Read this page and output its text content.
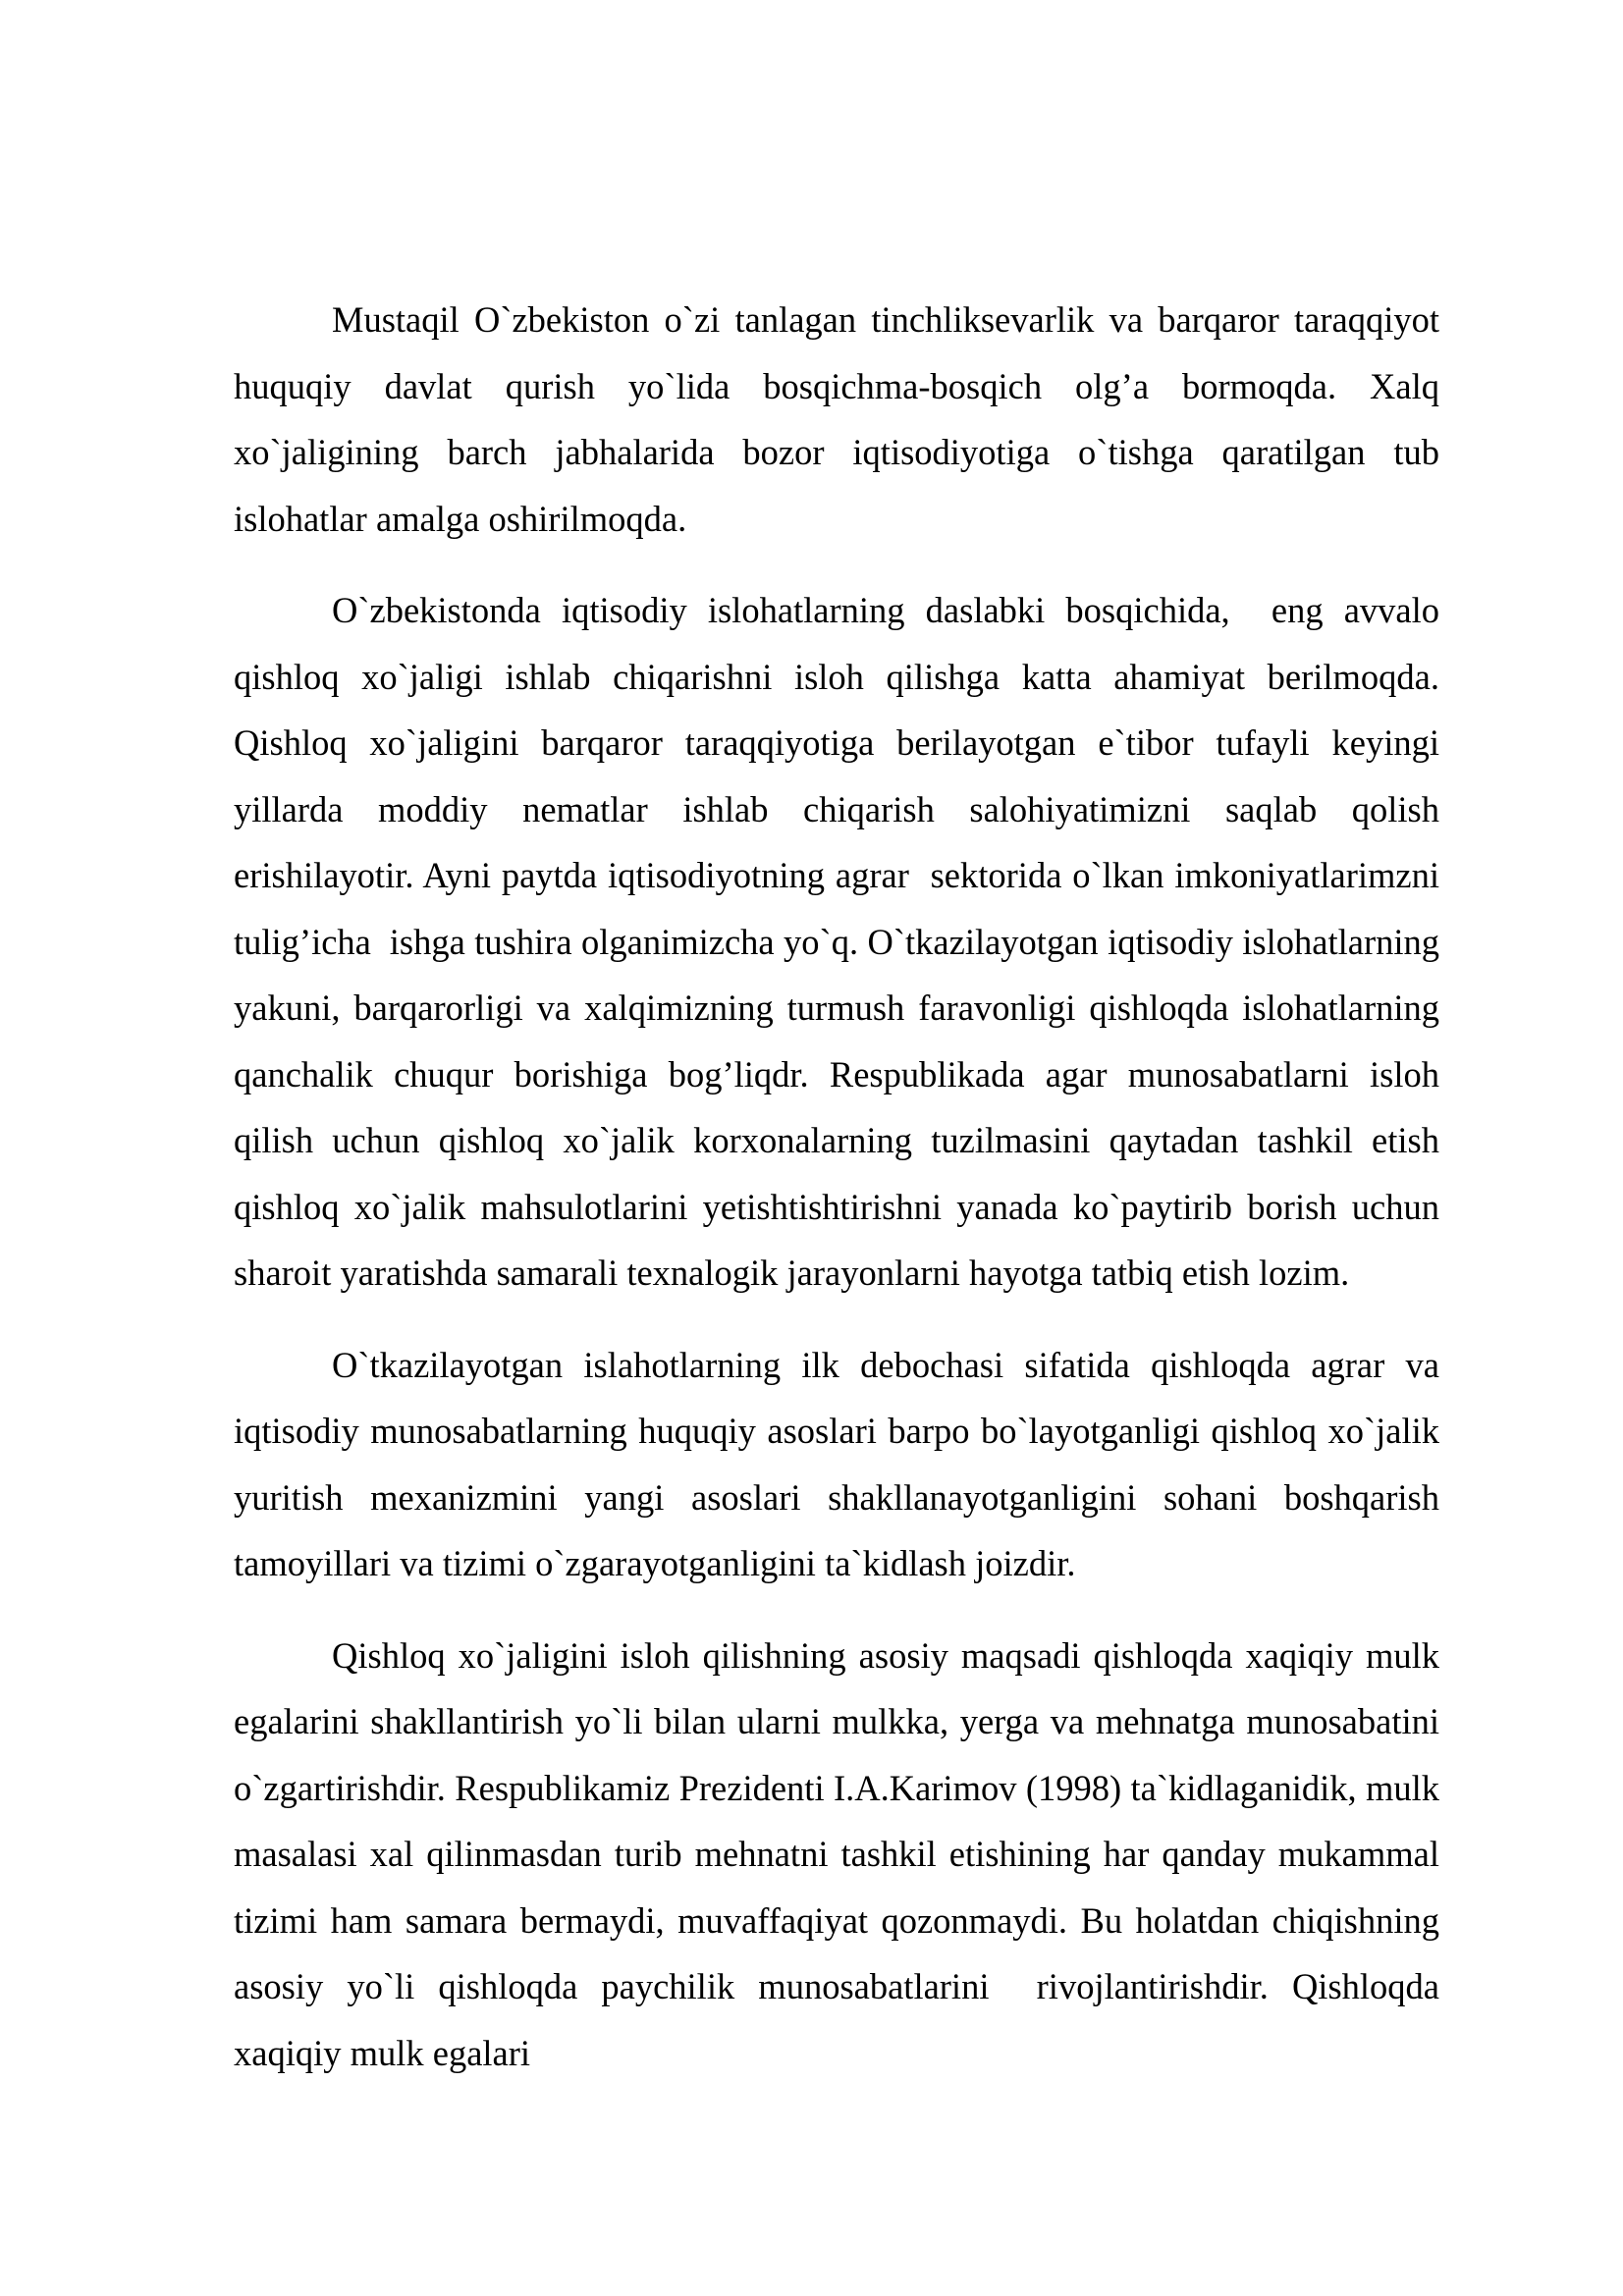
Mustaqil O`zbekiston o`zi tanlagan tinchliksevarlik va barqaror taraqqiyot huquqiy davlat qurish yo`lida bosqichma-bosqich olg’a bormoqda. Xalq xo`jaligining barch jabhalarida bozor iqtisodiyotiga o`tishga qaratilgan tub islohatlar amalga oshirilmoqda.

O`zbekistonda iqtisodiy islohatlarning daslabki bosqichida,  eng avvalo qishloq xo`jaligi ishlab chiqarishni isloh qilishga katta ahamiyat berilmoqda. Qishloq xo`jaligini barqaror taraqqiyotiga berilayotgan e`tibor tufayli keyingi yillarda moddiy nematlar ishlab chiqarish salohiyatimizni saqlab qolish erishilayotir. Ayni paytda iqtisodiyotning agrar  sektorida o`lkan imkoniyatlarimzni tulig’icha  ishga tushira olganimizcha yo`q. O`tkazilayotgan iqtisodiy islohatlarning yakuni, barqarorligi va xalqimizning turmush faravonligi qishloqda islohatlarning qanchalik chuqur borishiga bog’liqdr. Respublikada agar munosabatlarni isloh qilish uchun qishloq xo`jalik korxonalarning tuzilmasini qaytadan tashkil etish qishloq xo`jalik mahsulotlarini yetishtishtirishni yanada ko`paytirib borish uchun sharoit yaratishda samarali texnalogik jarayonlarni hayotga tatbiq etish lozim.

O`tkazilayotgan islahotlarning ilk debochasi sifatida qishloqda agrar va iqtisodiy munosabatlarning huquqiy asoslari barpo bo`layotganligi qishloq xo`jalik yuritish mexanizmini yangi asoslari shakllanayotganligini sohani boshqarish tamoyillari va tizimi o`zgarayotganligini ta`kidlash joizdir.

Qishloq xo`jaligini isloh qilishning asosiy maqsadi qishloqda xaqiqiy mulk egalarini shakllantirish yo`li bilan ularni mulkka, yerga va mehnatga munosabatini o`zgartirishdir. Respublikamiz Prezidenti I.A.Karimov (1998) ta`kidlaganidik, mulk masalasi xal qilinmasdan turib mehnatni tashkil etishining har qanday mukammal tizimi ham samara bermaydi, muvaffaqiyat qozonmaydi. Bu holatdan chiqishning asosiy yo`li qishloqda paychilik munosabatlarini  rivojlantirishdir. Qishloqda xaqiqiy mulk egalari
